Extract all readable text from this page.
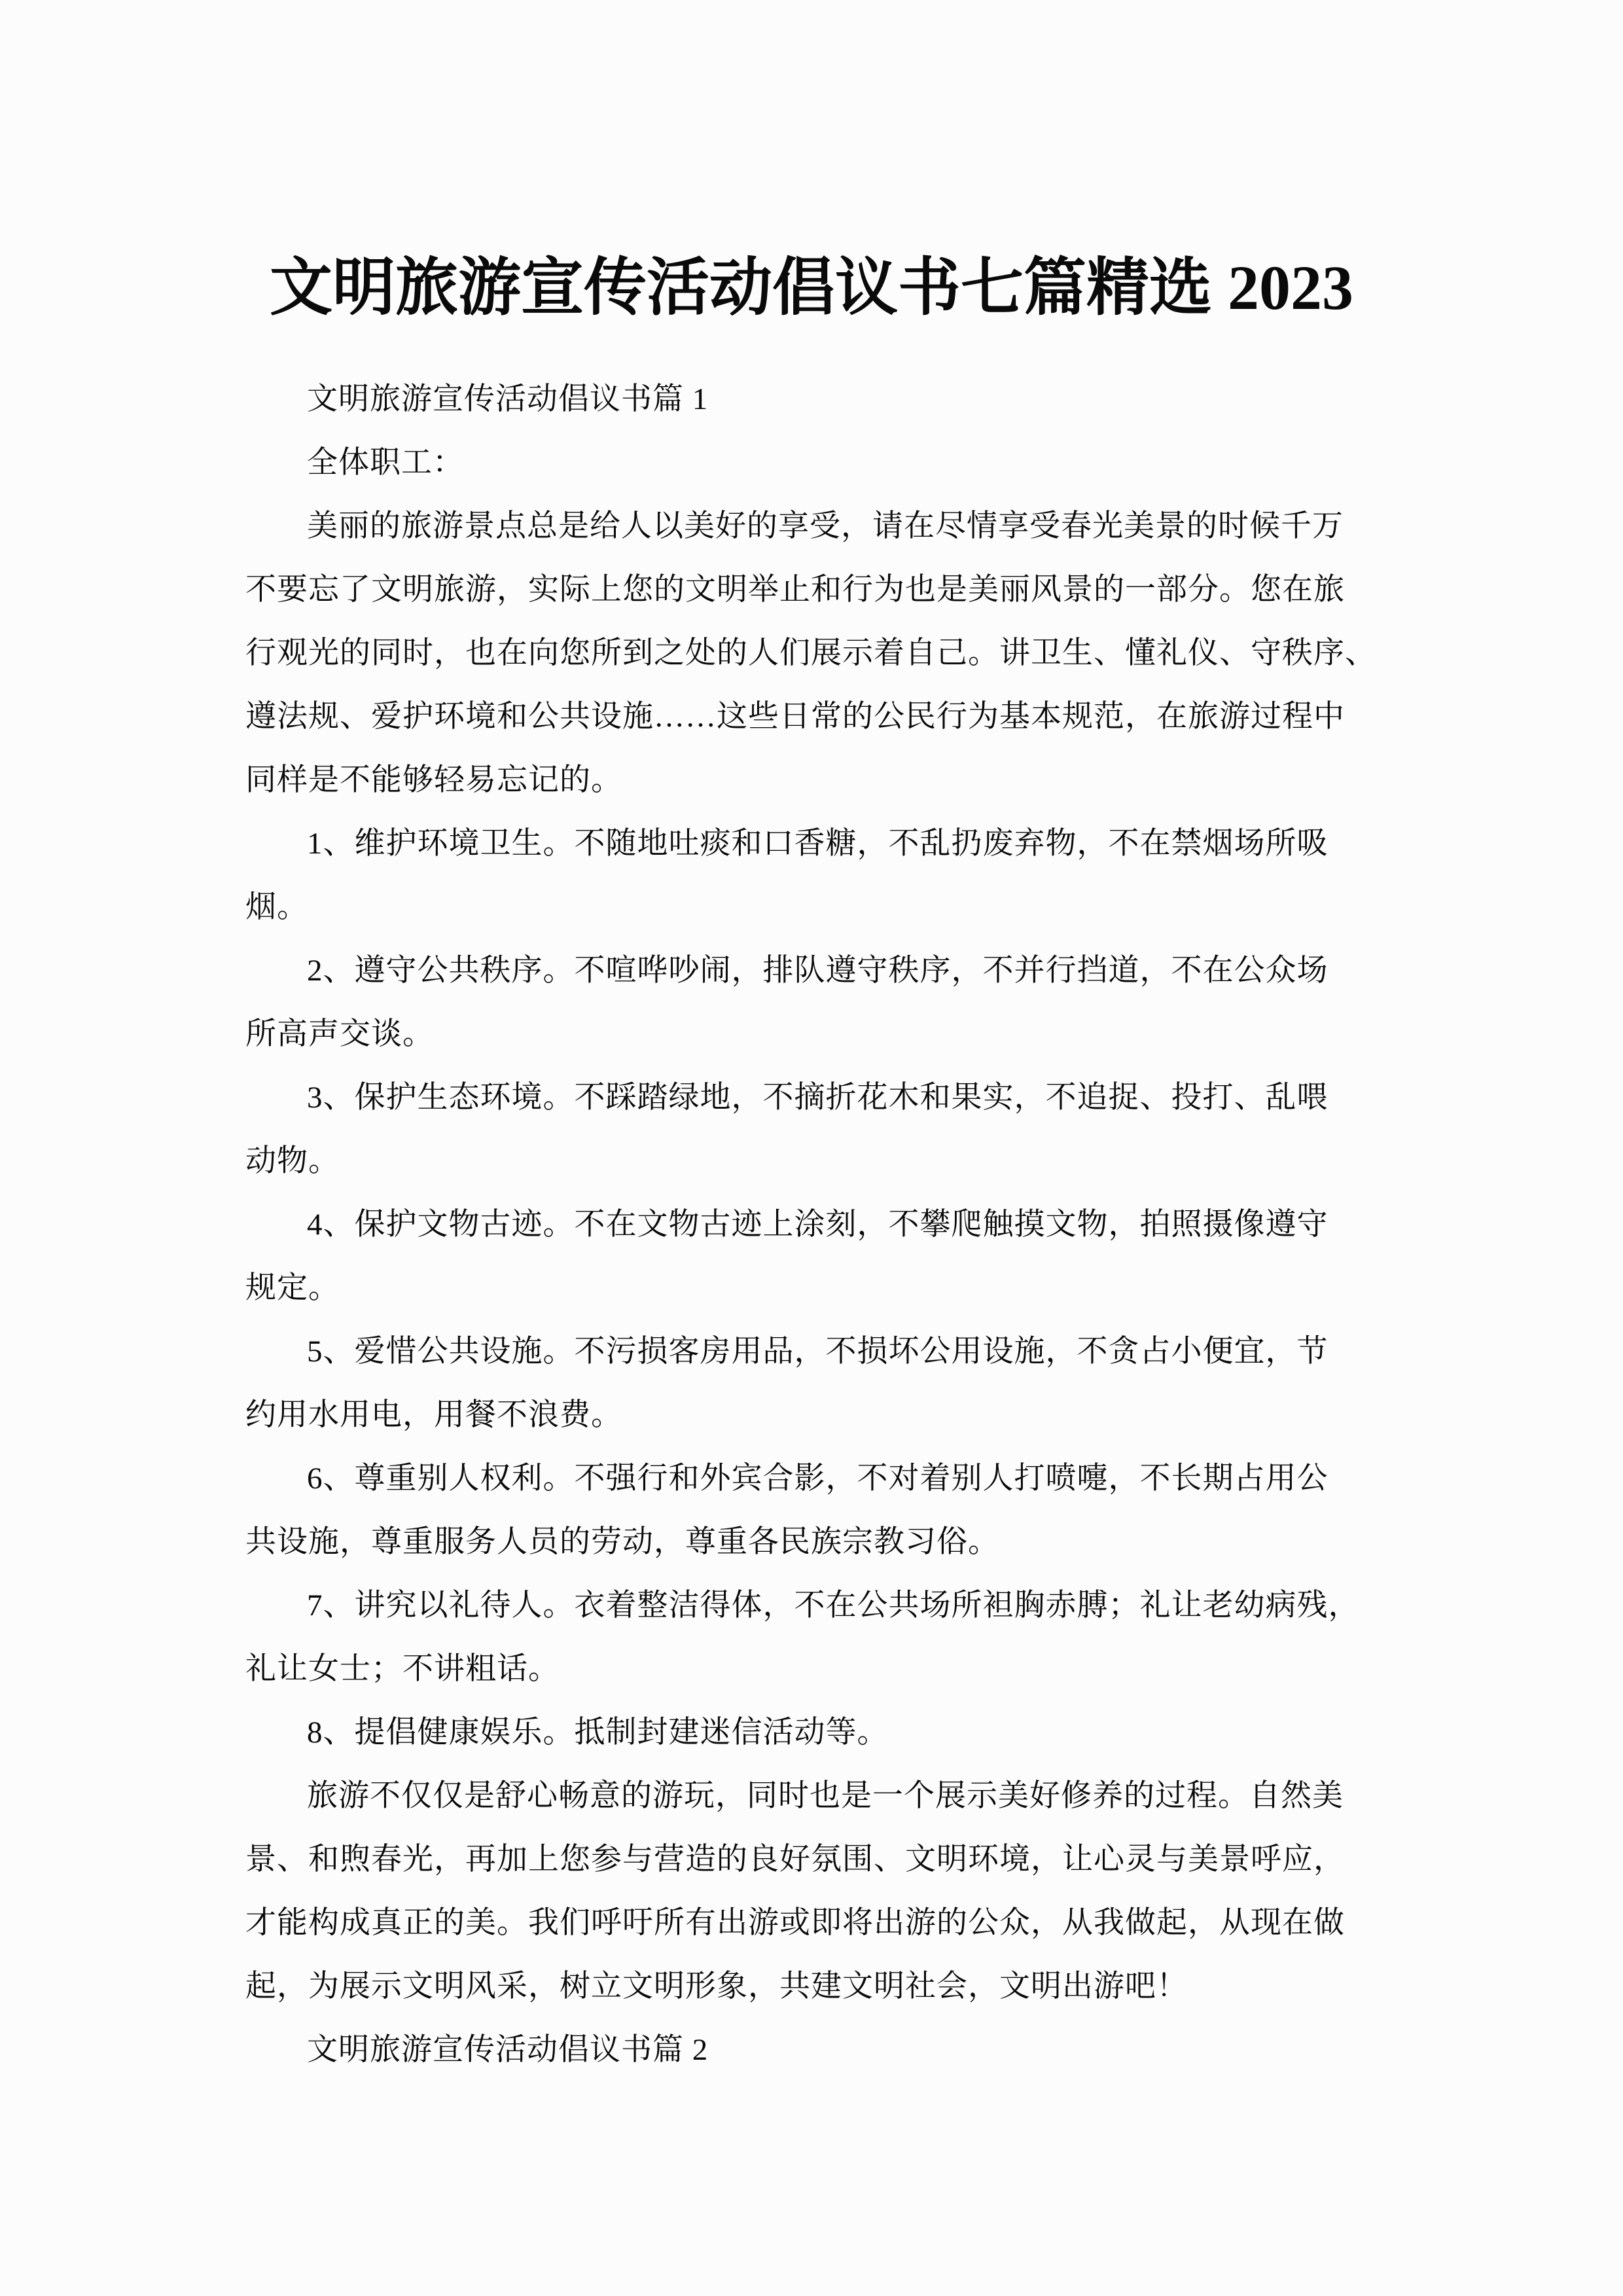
文明旅游宣传活动倡议书七篇精选 2023

文明旅游宣传活动倡议书篇 1

全体职工：

美丽的旅游景点总是给人以美好的享受，请在尽情享受春光美景的时候千万

不要忘了文明旅游，实际上您的文明举止和行为也是美丽风景的一部分。您在旅

行观光的同时，也在向您所到之处的人们展示着自己。讲卫生、懂礼仪、守秩序、

遵法规、爱护环境和公共设施……这些日常的公民行为基本规范，在旅游过程中

同样是不能够轻易忘记的。

1、维护环境卫生。不随地吐痰和口香糖，不乱扔废弃物，不在禁烟场所吸

烟。

2、遵守公共秩序。不喧哗吵闹，排队遵守秩序，不并行挡道，不在公众场

所高声交谈。

3、保护生态环境。不踩踏绿地，不摘折花木和果实，不追捉、投打、乱喂

动物。

4、保护文物古迹。不在文物古迹上涂刻，不攀爬触摸文物，拍照摄像遵守

规定。

5、爱惜公共设施。不污损客房用品，不损坏公用设施，不贪占小便宜，节

约用水用电，用餐不浪费。

6、尊重别人权利。不强行和外宾合影，不对着别人打喷嚏，不长期占用公

共设施，尊重服务人员的劳动，尊重各民族宗教习俗。

7、讲究以礼待人。衣着整洁得体，不在公共场所袒胸赤膊；礼让老幼病残，

礼让女士；不讲粗话。

8、提倡健康娱乐。抵制封建迷信活动等。

旅游不仅仅是舒心畅意的游玩，同时也是一个展示美好修养的过程。自然美

景、和煦春光，再加上您参与营造的良好氛围、文明环境，让心灵与美景呼应，

才能构成真正的美。我们呼吁所有出游或即将出游的公众，从我做起，从现在做

起，为展示文明风采，树立文明形象，共建文明社会，文明出游吧！

文明旅游宣传活动倡议书篇 2
